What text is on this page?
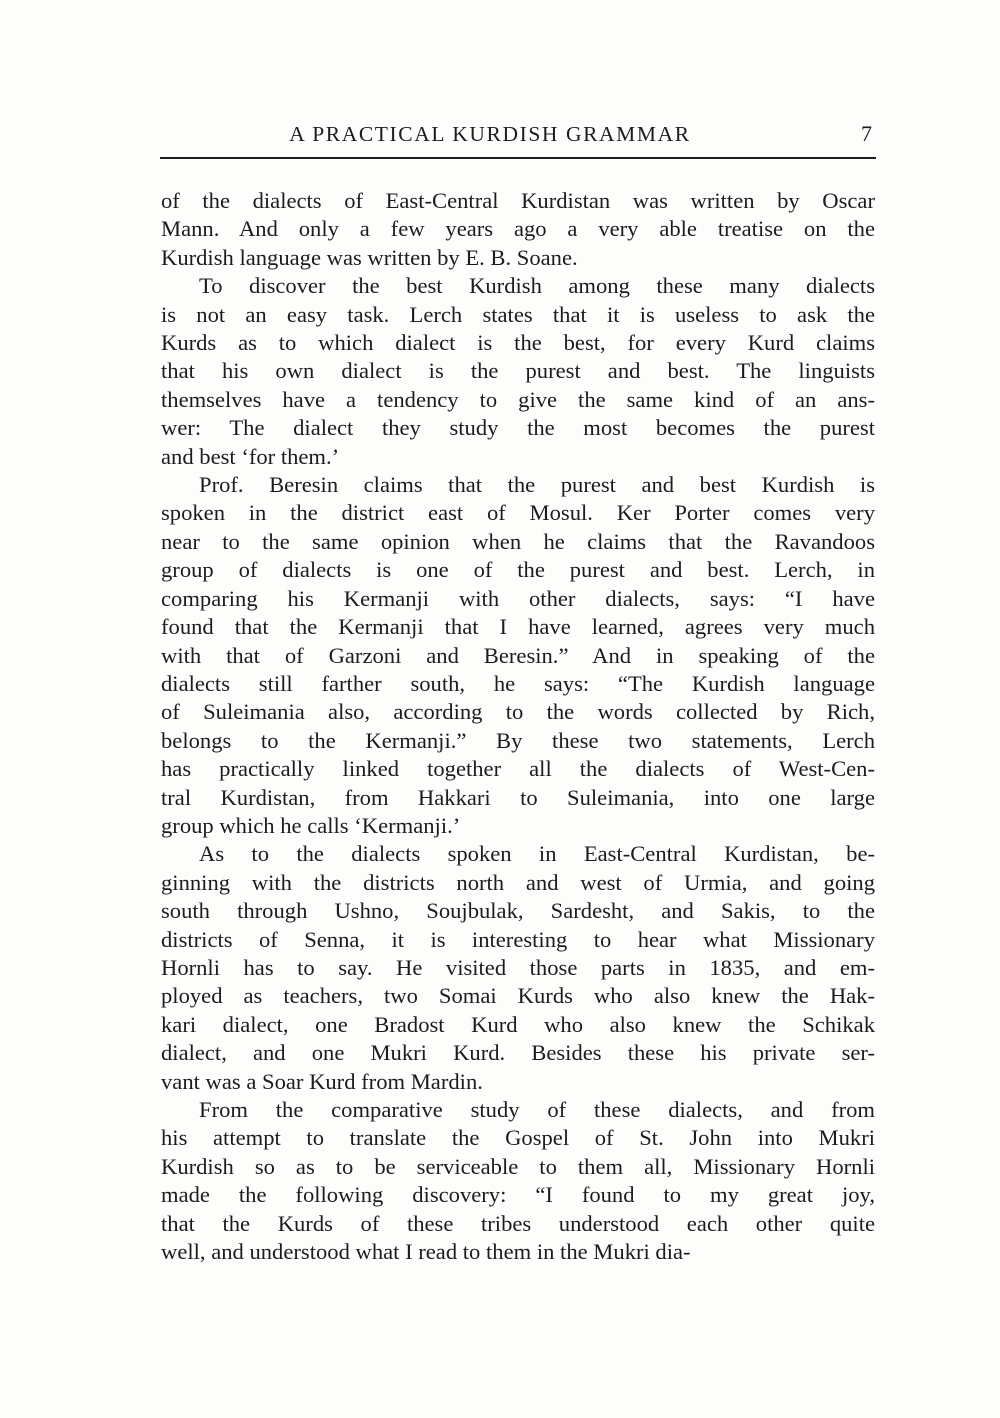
A PRACTICAL KURDISH GRAMMAR	7
of the dialects of East-Central Kurdistan was written by Oscar
Mann. And only a few years ago a very able treatise on the
Kurdish language was written by E. B. Soane.
To discover the best Kurdish among these many dialects
is not an easy task. Lerch states that it is useless to ask the
Kurds as to which dialect is the best, for every Kurd claims
that his own dialect is the purest and best. The linguists
themselves have a tendency to give the same kind of an ans-
wer: The dialect they study the most becomes the purest
and best ‘for them.’
Prof. Beresin claims that the purest and best Kurdish is
spoken in the district east of Mosul. Ker Porter comes very
near to the same opinion when he claims that the Ravandoos
group of dialects is one of the purest and best. Lerch, in
comparing his Kermanji with other dialects, says: “I have
found that the Kermanji that I have learned, agrees very much
with that of Garzoni and Beresin.” And in speaking of the
dialects still farther south, he says: “The Kurdish language
of Suleimania also, according to the words collected by Rich,
belongs to the Kermanji.” By these two statements, Lerch
has practically linked together all the dialects of West-Cen-
tral Kurdistan, from Hakkari to Suleimania, into one large
group which he calls ‘Kermanji.’
As to the dialects spoken in East-Central Kurdistan, be-
ginning with the districts north and west of Urmia, and going
south through Ushno, Soujbulak, Sardesht, and Sakis, to the
districts of Senna, it is interesting to hear what Missionary
Hornli has to say. He visited those parts in 1835, and em-
ployed as teachers, two Somai Kurds who also knew the Hak-
kari dialect, one Bradost Kurd who also knew the Schikak
dialect, and one Mukri Kurd. Besides these his private ser-
vant was a Soar Kurd from Mardin.
From the comparative study of these dialects, and from
his attempt to translate the Gospel of St. John into Mukri
Kurdish so as to be serviceable to them all, Missionary Hornli
made the following discovery: “I found to my great joy,
that the Kurds of these tribes understood each other quite
well, and understood what I read to them in the Mukri dia-
